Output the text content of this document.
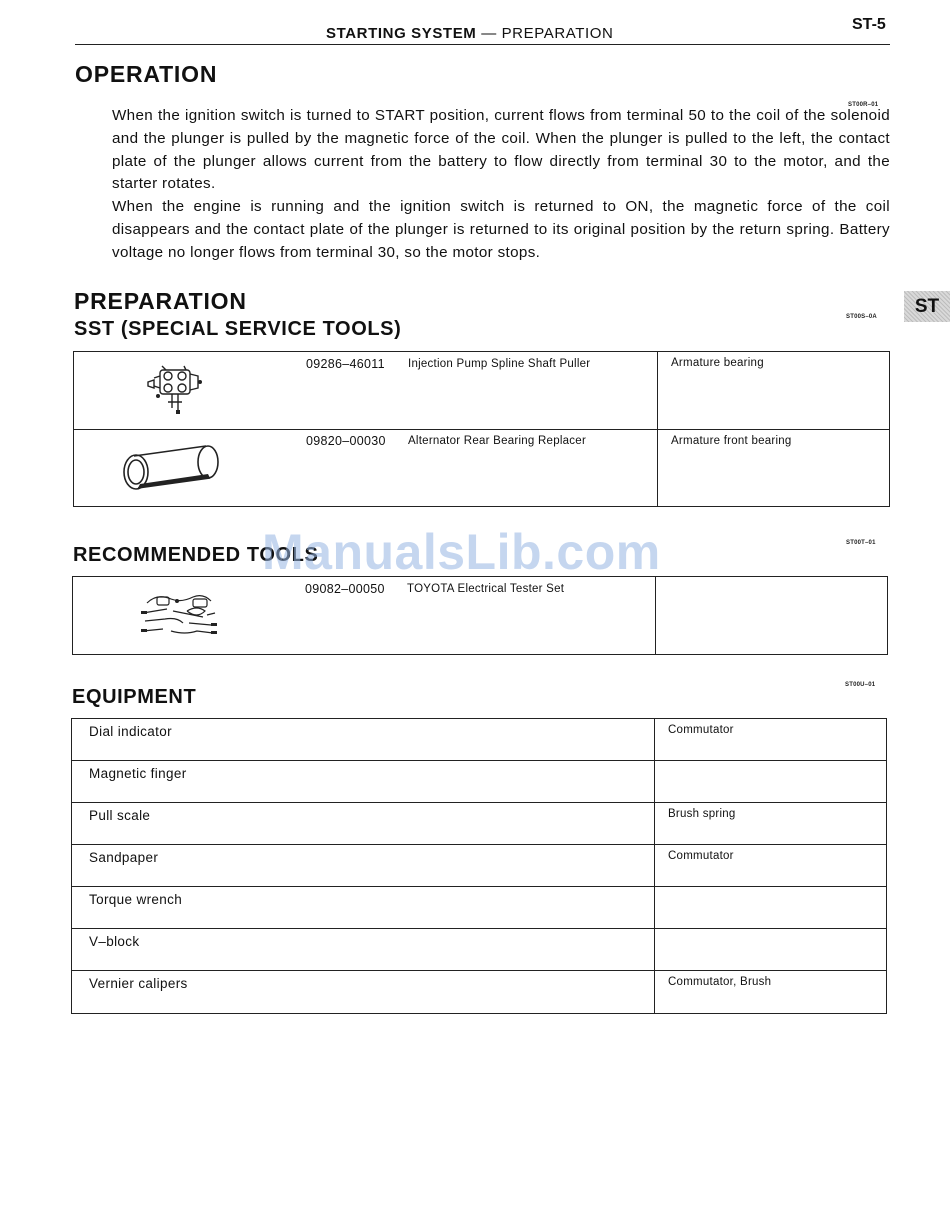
STARTING SYSTEM — PREPARATION
ST-5
ST
OPERATION
ST00R–01
When the ignition switch is turned to START position, current flows from terminal 50 to the coil of the solenoid and the plunger is pulled by the magnetic force of the coil. When the plunger is pulled to the left, the contact plate of the plunger allows current from the battery to flow directly from terminal 30 to the motor, and the starter rotates.
When the engine is running and the ignition switch is returned to ON, the magnetic force of the coil disappears and the contact plate of the plunger is returned to its original position by the return spring. Battery voltage no longer flows from terminal 30, so the motor stops.
PREPARATION
SST (SPECIAL SERVICE TOOLS)
ST00S–0A
09286–46011 Injection Pump Spline Shaft Puller	Armature bearing

09820–00030 Alternator Rear Bearing Replacer	Armature front bearing
RECOMMENDED TOOLS
ST00T–01
09082–00050 TOYOTA Electrical Tester Set

EQUIPMENT
ST00U–01
Dial indicator	Commutator

Magnetic finger	

Pull scale	Brush spring

Sandpaper	Commutator

Torque wrench	

V–block	

Vernier calipers	Commutator, Brush
ManualsLib.com
